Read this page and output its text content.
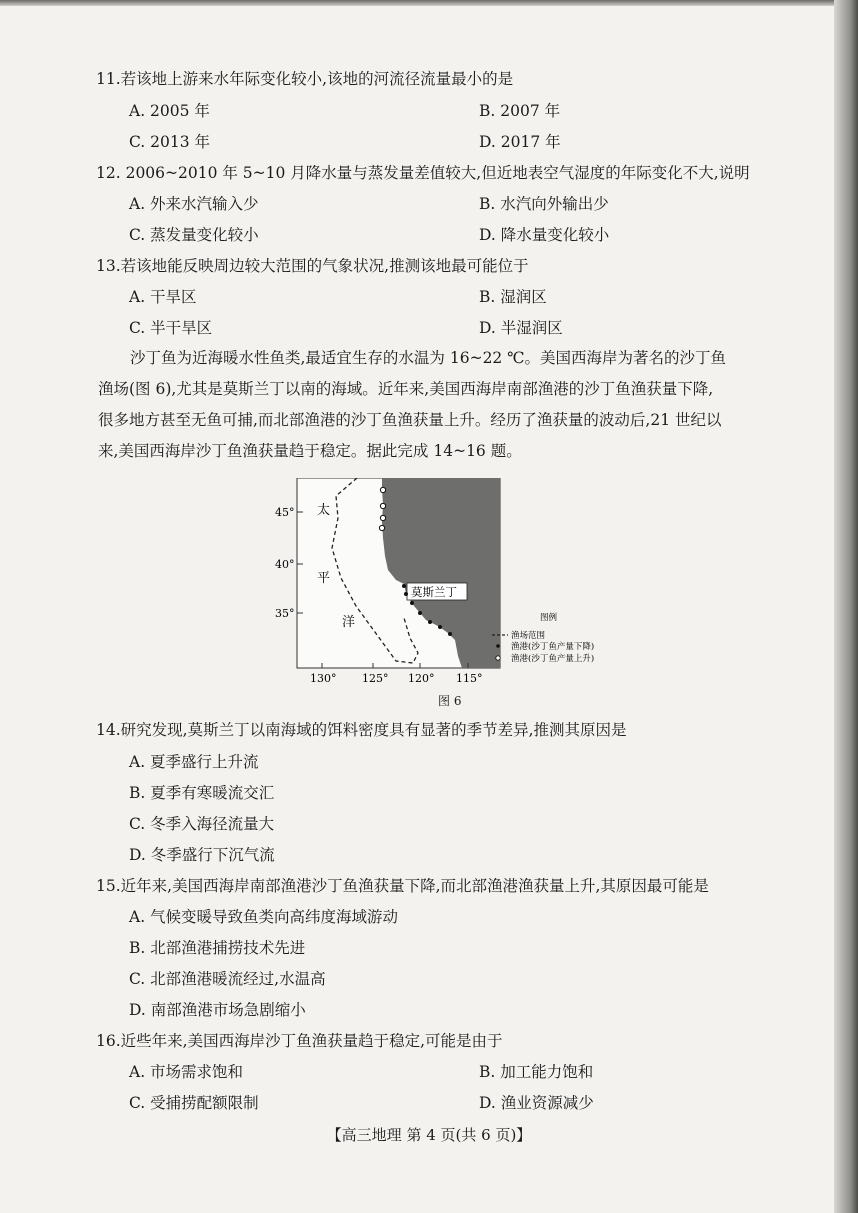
11.若该地上游来水年际变化较小,该地的河流径流量最小的是
A. 2005 年	B. 2007 年
C. 2013 年	D. 2017 年
12. 2006~2010 年 5~10 月降水量与蒸发量差值较大,但近地表空气湿度的年际变化不大,说明
A. 外来水汽输入少	B. 水汽向外输出少
C. 蒸发量变化较小	D. 降水量变化较小
13.若该地能反映周边较大范围的气象状况,推测该地最可能位于
A. 干旱区	B. 湿润区
C. 半干旱区	D. 半湿润区

沙丁鱼为近海暖水性鱼类,最适宜生存的水温为 16~22 ℃。美国西海岸为著名的沙丁鱼

渔场(图 6),尤其是莫斯兰丁以南的海域。近年来,美国西海岸南部渔港的沙丁鱼渔获量下降,

很多地方甚至无鱼可捕,而北部渔港的沙丁鱼渔获量上升。经历了渔获量的波动后,21 世纪以

来,美国西海岸沙丁鱼渔获量趋于稳定。据此完成 14~16 题。

45°
40°
35°
130° 125° 120° 115°
太
平
洋
莫斯兰丁
图例
渔场范围
渔港(沙丁鱼产量下降)
渔港(沙丁鱼产量上升)
图 6
14.研究发现,莫斯兰丁以南海域的饵料密度具有显著的季节差异,推测其原因是
A. 夏季盛行上升流
B. 夏季有寒暖流交汇
C. 冬季入海径流量大
D. 冬季盛行下沉气流
15.近年来,美国西海岸南部渔港沙丁鱼渔获量下降,而北部渔港渔获量上升,其原因最可能是
A. 气候变暖导致鱼类向高纬度海域游动
B. 北部渔港捕捞技术先进
C. 北部渔港暖流经过,水温高
D. 南部渔港市场急剧缩小
16.近些年来,美国西海岸沙丁鱼渔获量趋于稳定,可能是由于
A. 市场需求饱和	B. 加工能力饱和
C. 受捕捞配额限制	D. 渔业资源减少
【高三地理 第 4 页(共 6 页)】
